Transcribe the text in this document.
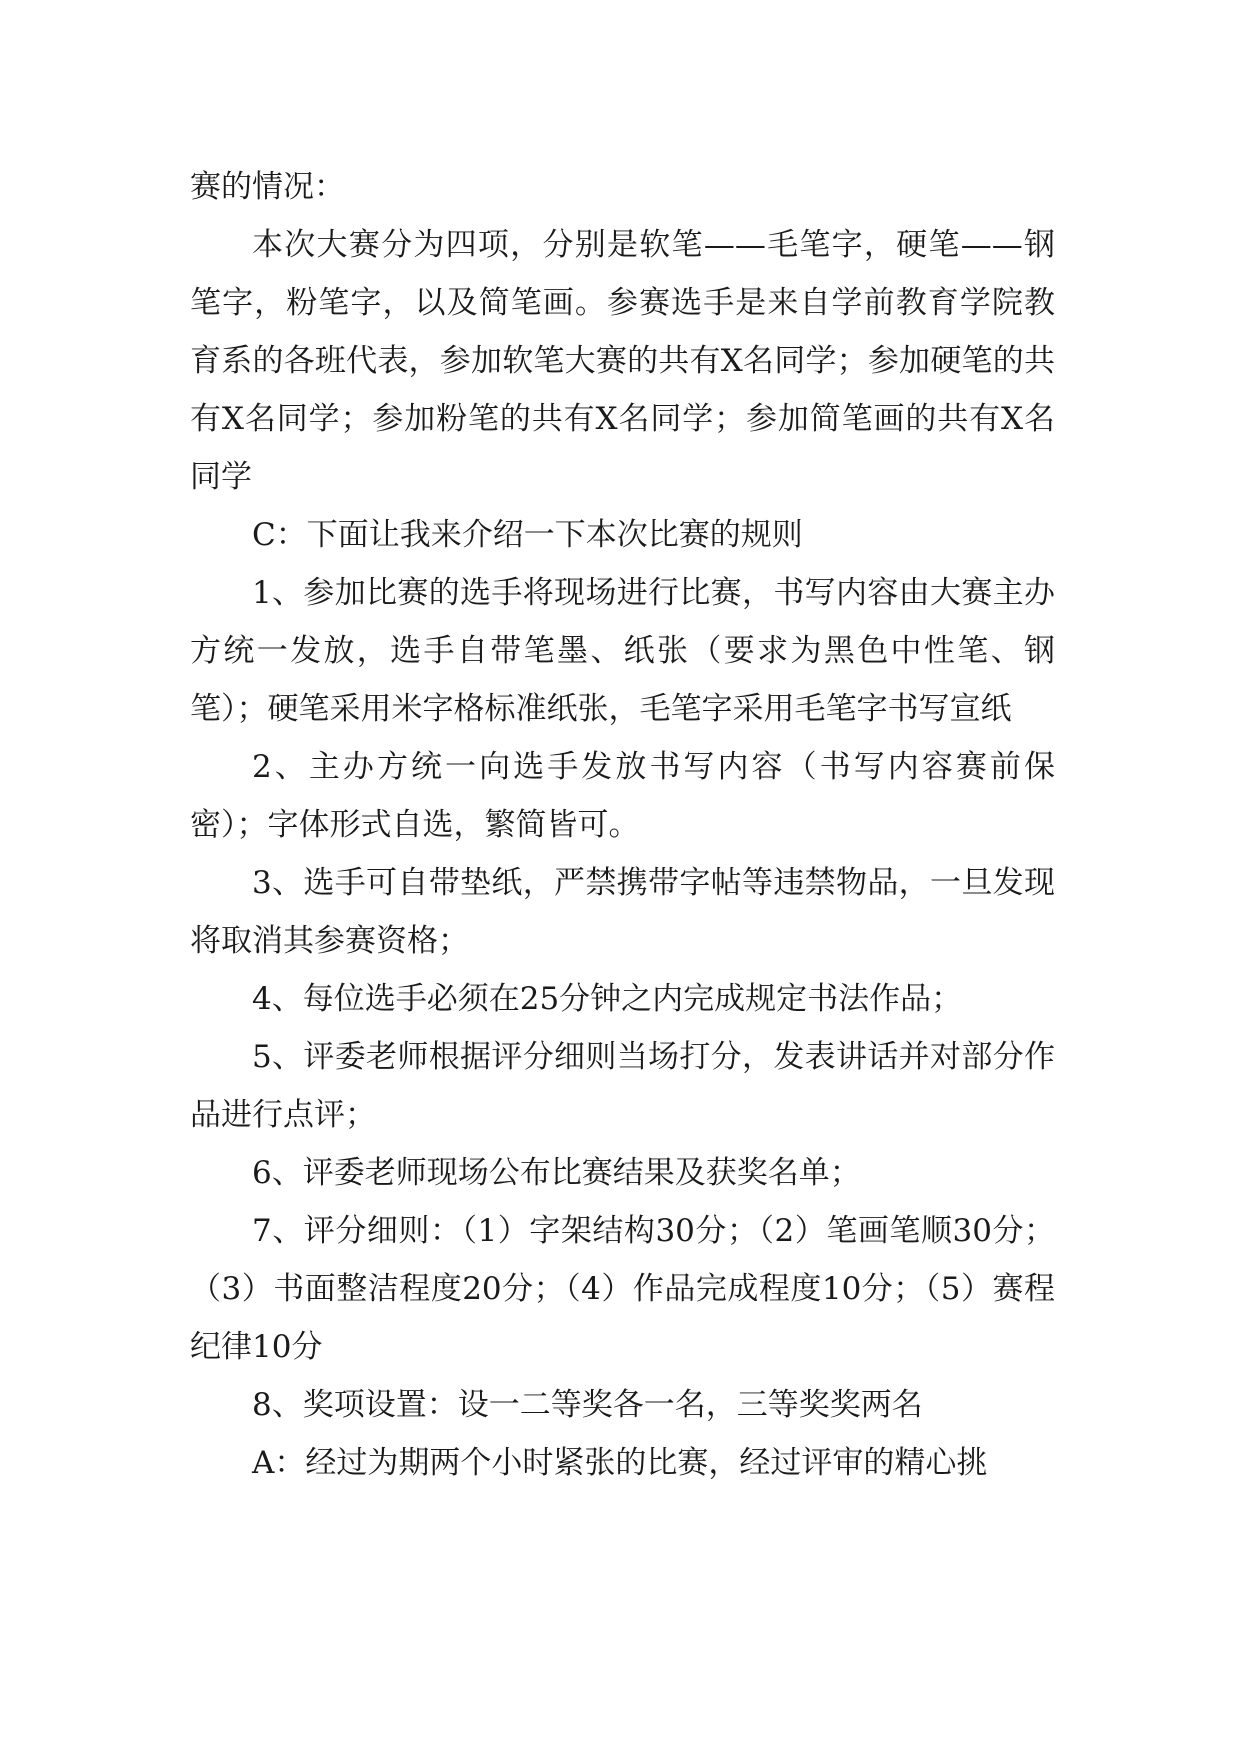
赛的情况：

本次大赛分为四项，分别是软笔——毛笔字，硬笔——钢笔字，粉笔字，以及简笔画。参赛选手是来自学前教育学院教育系的各班代表，参加软笔大赛的共有X名同学；参加硬笔的共有X名同学；参加粉笔的共有X名同学；参加简笔画的共有X名同学

C：下面让我来介绍一下本次比赛的规则

1、参加比赛的选手将现场进行比赛，书写内容由大赛主办方统一发放，选手自带笔墨、纸张（要求为黑色中性笔、钢笔）；硬笔采用米字格标准纸张，毛笔字采用毛笔字书写宣纸

2、主办方统一向选手发放书写内容（书写内容赛前保密）；字体形式自选，繁简皆可。

3、选手可自带垫纸，严禁携带字帖等违禁物品，一旦发现将取消其参赛资格；

4、每位选手必须在25分钟之内完成规定书法作品；

5、评委老师根据评分细则当场打分，发表讲话并对部分作品进行点评；

6、评委老师现场公布比赛结果及获奖名单；

7、评分细则：（1）字架结构30分；（2）笔画笔顺30分；（3）书面整洁程度20分；（4）作品完成程度10分；（5）赛程纪律10分

8、奖项设置：设一二等奖各一名，三等奖奖两名

A：经过为期两个小时紧张的比赛，经过评审的精心挑
